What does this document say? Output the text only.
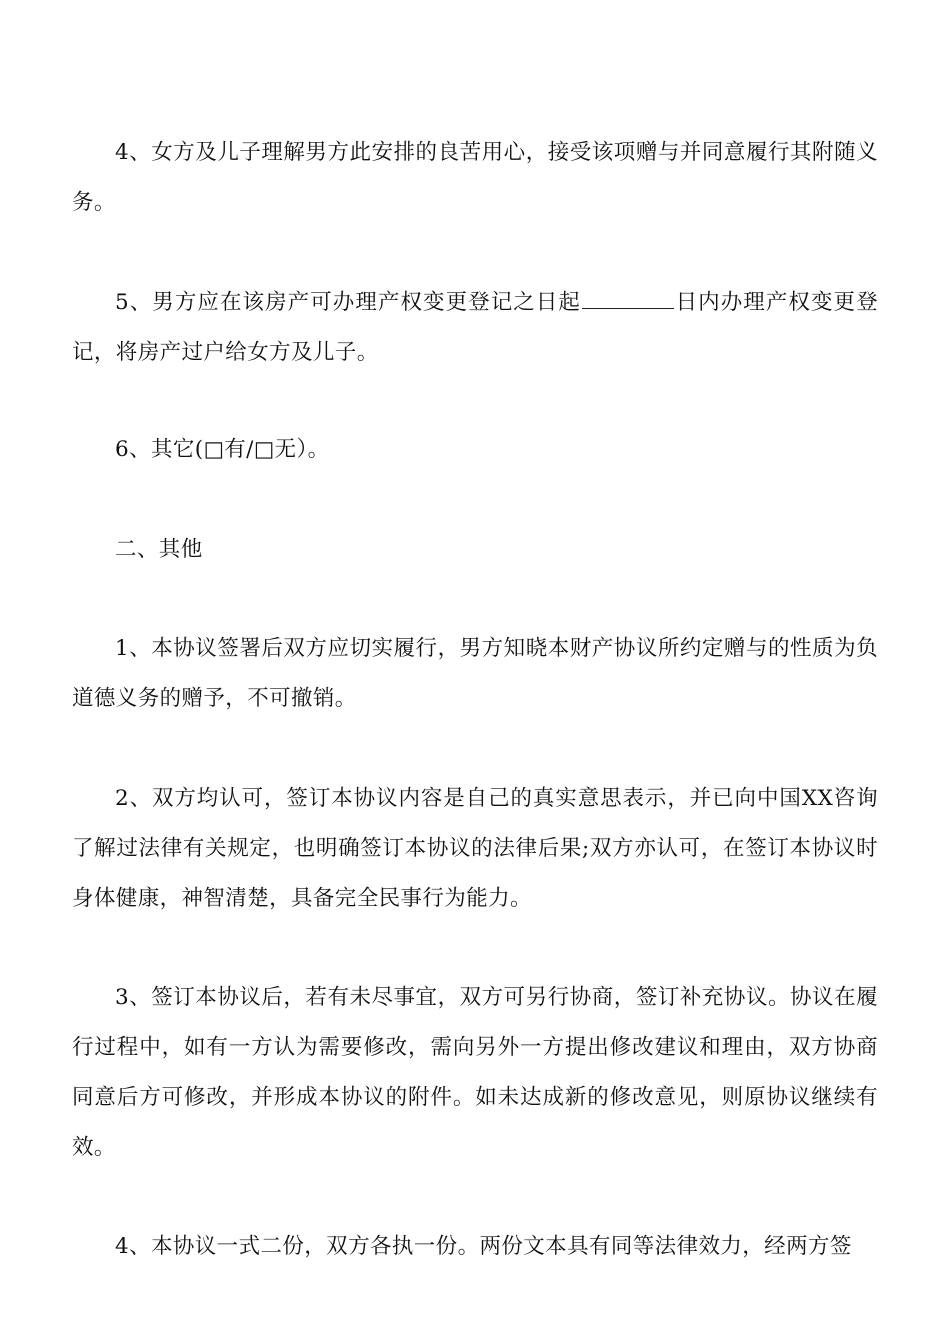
4、女方及儿子理解男方此安排的良苦用心，接受该项赠与并同意履行其附随义务。

5、男方应在该房产可办理产权变更登记之日起	日内办理产权变更登记，将房产过户给女方及儿子。

6、其它(□有/□无）。

二、其他

1、本协议签署后双方应切实履行，男方知晓本财产协议所约定赠与的性质为负道德义务的赠予，不可撤销。

2、双方均认可，签订本协议内容是自己的真实意思表示，并已向中国XX咨询了解过法律有关规定，也明确签订本协议的法律后果;双方亦认可，在签订本协议时身体健康，神智清楚，具备完全民事行为能力。

3、签订本协议后，若有未尽事宜，双方可另行协商，签订补充协议。协议在履行过程中，如有一方认为需要修改，需向另外一方提出修改建议和理由，双方协商同意后方可修改，并形成本协议的附件。如未达成新的修改意见，则原协议继续有效。

4、本协议一式二份，双方各执一份。两份文本具有同等法律效力，经两方签
